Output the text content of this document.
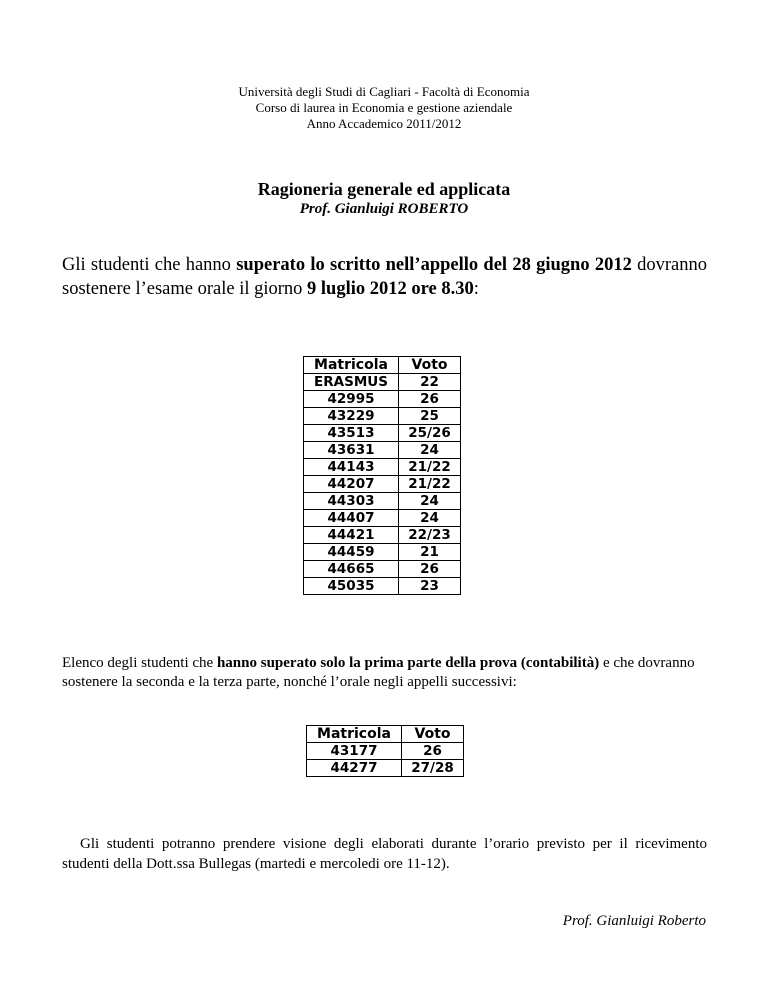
Università degli Studi di Cagliari - Facoltà di Economia
Corso di laurea in Economia e gestione aziendale
Anno Accademico 2011/2012
Ragioneria generale ed applicata
Prof. Gianluigi ROBERTO
Gli studenti che hanno superato lo scritto nell’appello del 28 giugno 2012 dovranno sostenere l’esame orale il giorno 9 luglio 2012 ore 8.30:
Matricola	Voto
ERASMUS	22
42995	26
43229	25
43513	25/26
43631	24
44143	21/22
44207	21/22
44303	24
44407	24
44421	22/23
44459	21
44665	26
45035	23
Elenco degli studenti che hanno superato solo la prima parte della prova (contabilità) e che dovranno sostenere la seconda e la terza parte, nonché l’orale negli appelli successivi:
Matricola	Voto
43177	26
44277	27/28
Gli studenti potranno prendere visione degli elaborati durante l’orario previsto per il ricevimento studenti della Dott.ssa Bullegas (martedi e mercoledi ore 11-12).
Prof. Gianluigi Roberto
